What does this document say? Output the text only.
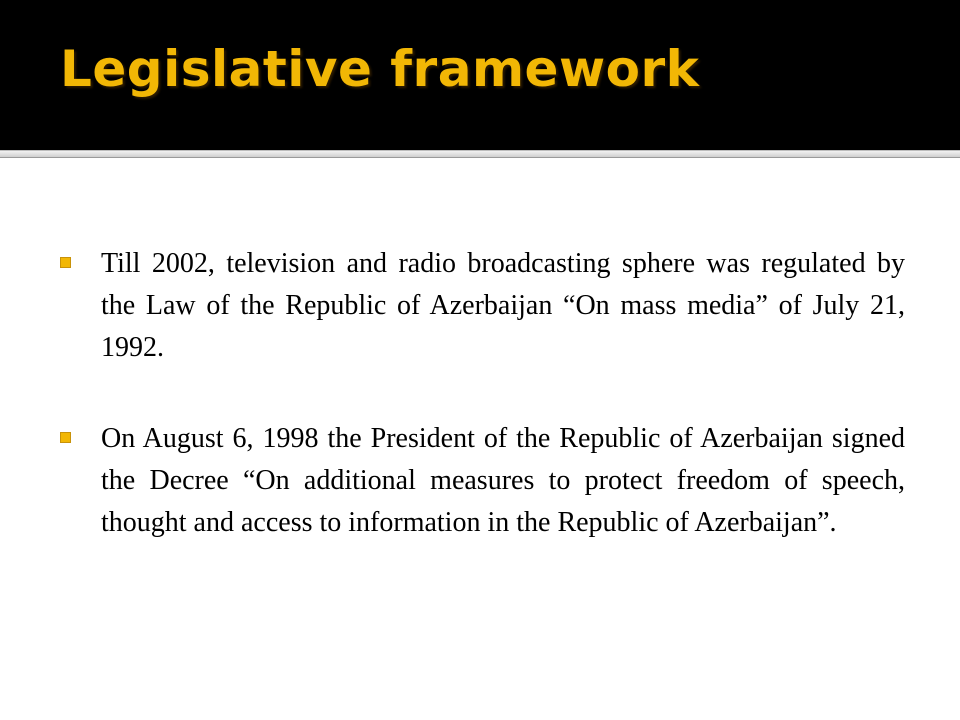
Legislative framework

Till 2002, television and radio broadcasting sphere was regulated by the Law of the Republic of Azerbaijan “On mass media” of July 21, 1992.

On August 6, 1998 the President of the Republic of Azerbaijan signed the Decree “On additional measures to protect freedom of speech, thought and access to information in the Republic of Azerbaijan”.
